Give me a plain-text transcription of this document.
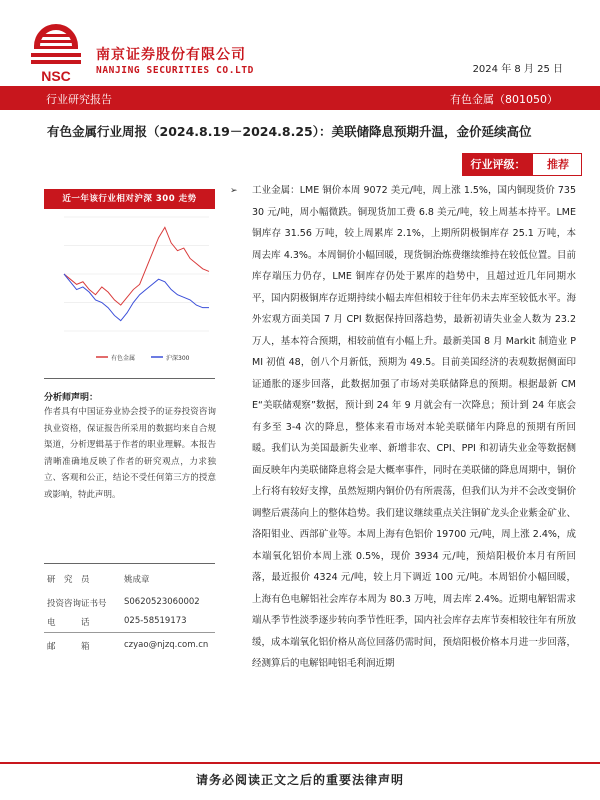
NSC
南京证券股份有限公司
NANJING SECURITIES CO.LTD	2024 年 8 月 25 日
行业研究报告	有色金属（801050）
有色金属行业周报（2024.8.19－2024.8.25）：美联储降息预期升温，金价延续高位
行业评级：	推荐
近一年该行业相对沪深 300 走势
有色金属	沪深300
分析师声明：
作者具有中国证券业协会授予的证券投资咨询执业资格，保证报告所采用的数据均来自合规渠道，分析逻辑基于作者的职业理解。本报告清晰准确地反映了作者的研究观点，力求独立、客观和公正，结论不受任何第三方的授意或影响，特此声明。
研　究　员	姚成章
投资咨询证书号 S0620523060002
电　　　话	025-58519173
邮　　　箱	czyao@njzq.com.cn
➢ 工业金属：LME 铜价本周 9072 美元/吨，周上涨 1.5%，国内铜现货价 73530 元/吨，周小幅微跌。铜现货加工费 6.8 美元/吨，较上周基本持平。LME 铜库存 31.56 万吨，较上周累库 2.1%，上期所阴极铜库存 25.1 万吨，本周去库 4.3%。本周铜价小幅回暖，现货铜治炼费继续维持在较低位置。目前库存端压力仍存，LME 铜库存仍处于累库的趋势中，且超过近几年同期水平，国内阴极铜库存近期持续小幅去库但相较于往年仍未去库至较低水平。海外宏观方面美国 7 月 CPI 数据保持回落趋势，最新初请失业金人数为 23.2 万人，基本符合预期，相较前值有小幅上升。最新美国 8 月 Markit 制造业 PMI 初值 48，创八个月新低，预期为 49.5。目前美国经济的表观数据侧面印证通胀的逐步回落，此数据加强了市场对美联储降息的预期。根据最新 CME“美联储观察”数据，预计到 24 年 9 月就会有一次降息；预计到 24 年底会有多至 3-4 次的降息，整体来看市场对本轮美联储年内降息的预期有所回暖。我们认为美国最新失业率、新增非农、CPI、PPI 和初请失业金等数据侧面反映年内美联储降息将会是大概率事件，同时在美联储的降息周期中，铜价上行将有较好支撑，虽然短期内铜价仍有所震荡，但我们认为并不会改变铜价调整后震荡向上的整体趋势。我们建议继续重点关注铜矿龙头企业紫金矿业、洛阳钼业、西部矿业等。本周上海有色铝价 19700 元/吨，周上涨 2.4%，成本端氧化铝价本周上涨 0.5%，现价 3934 元/吨，预焙阳极价本月有所回落，最近报价 4324 元/吨，较上月下调近 100 元/吨。本周铝价小幅回暖，上海有色电解铝社会库存本周为 80.3 万吨，周去库 2.4%。近期电解铝需求端从季节性淡季逐步转向季节性旺季，国内社会库存去库节奏相较往年有所放缓，成本端氧化铝价格从高位回落仍需时间，预焙阳极价格本月进一步回落，经测算后的电解铝吨铝毛利润近期
请务必阅读正文之后的重要法律声明
